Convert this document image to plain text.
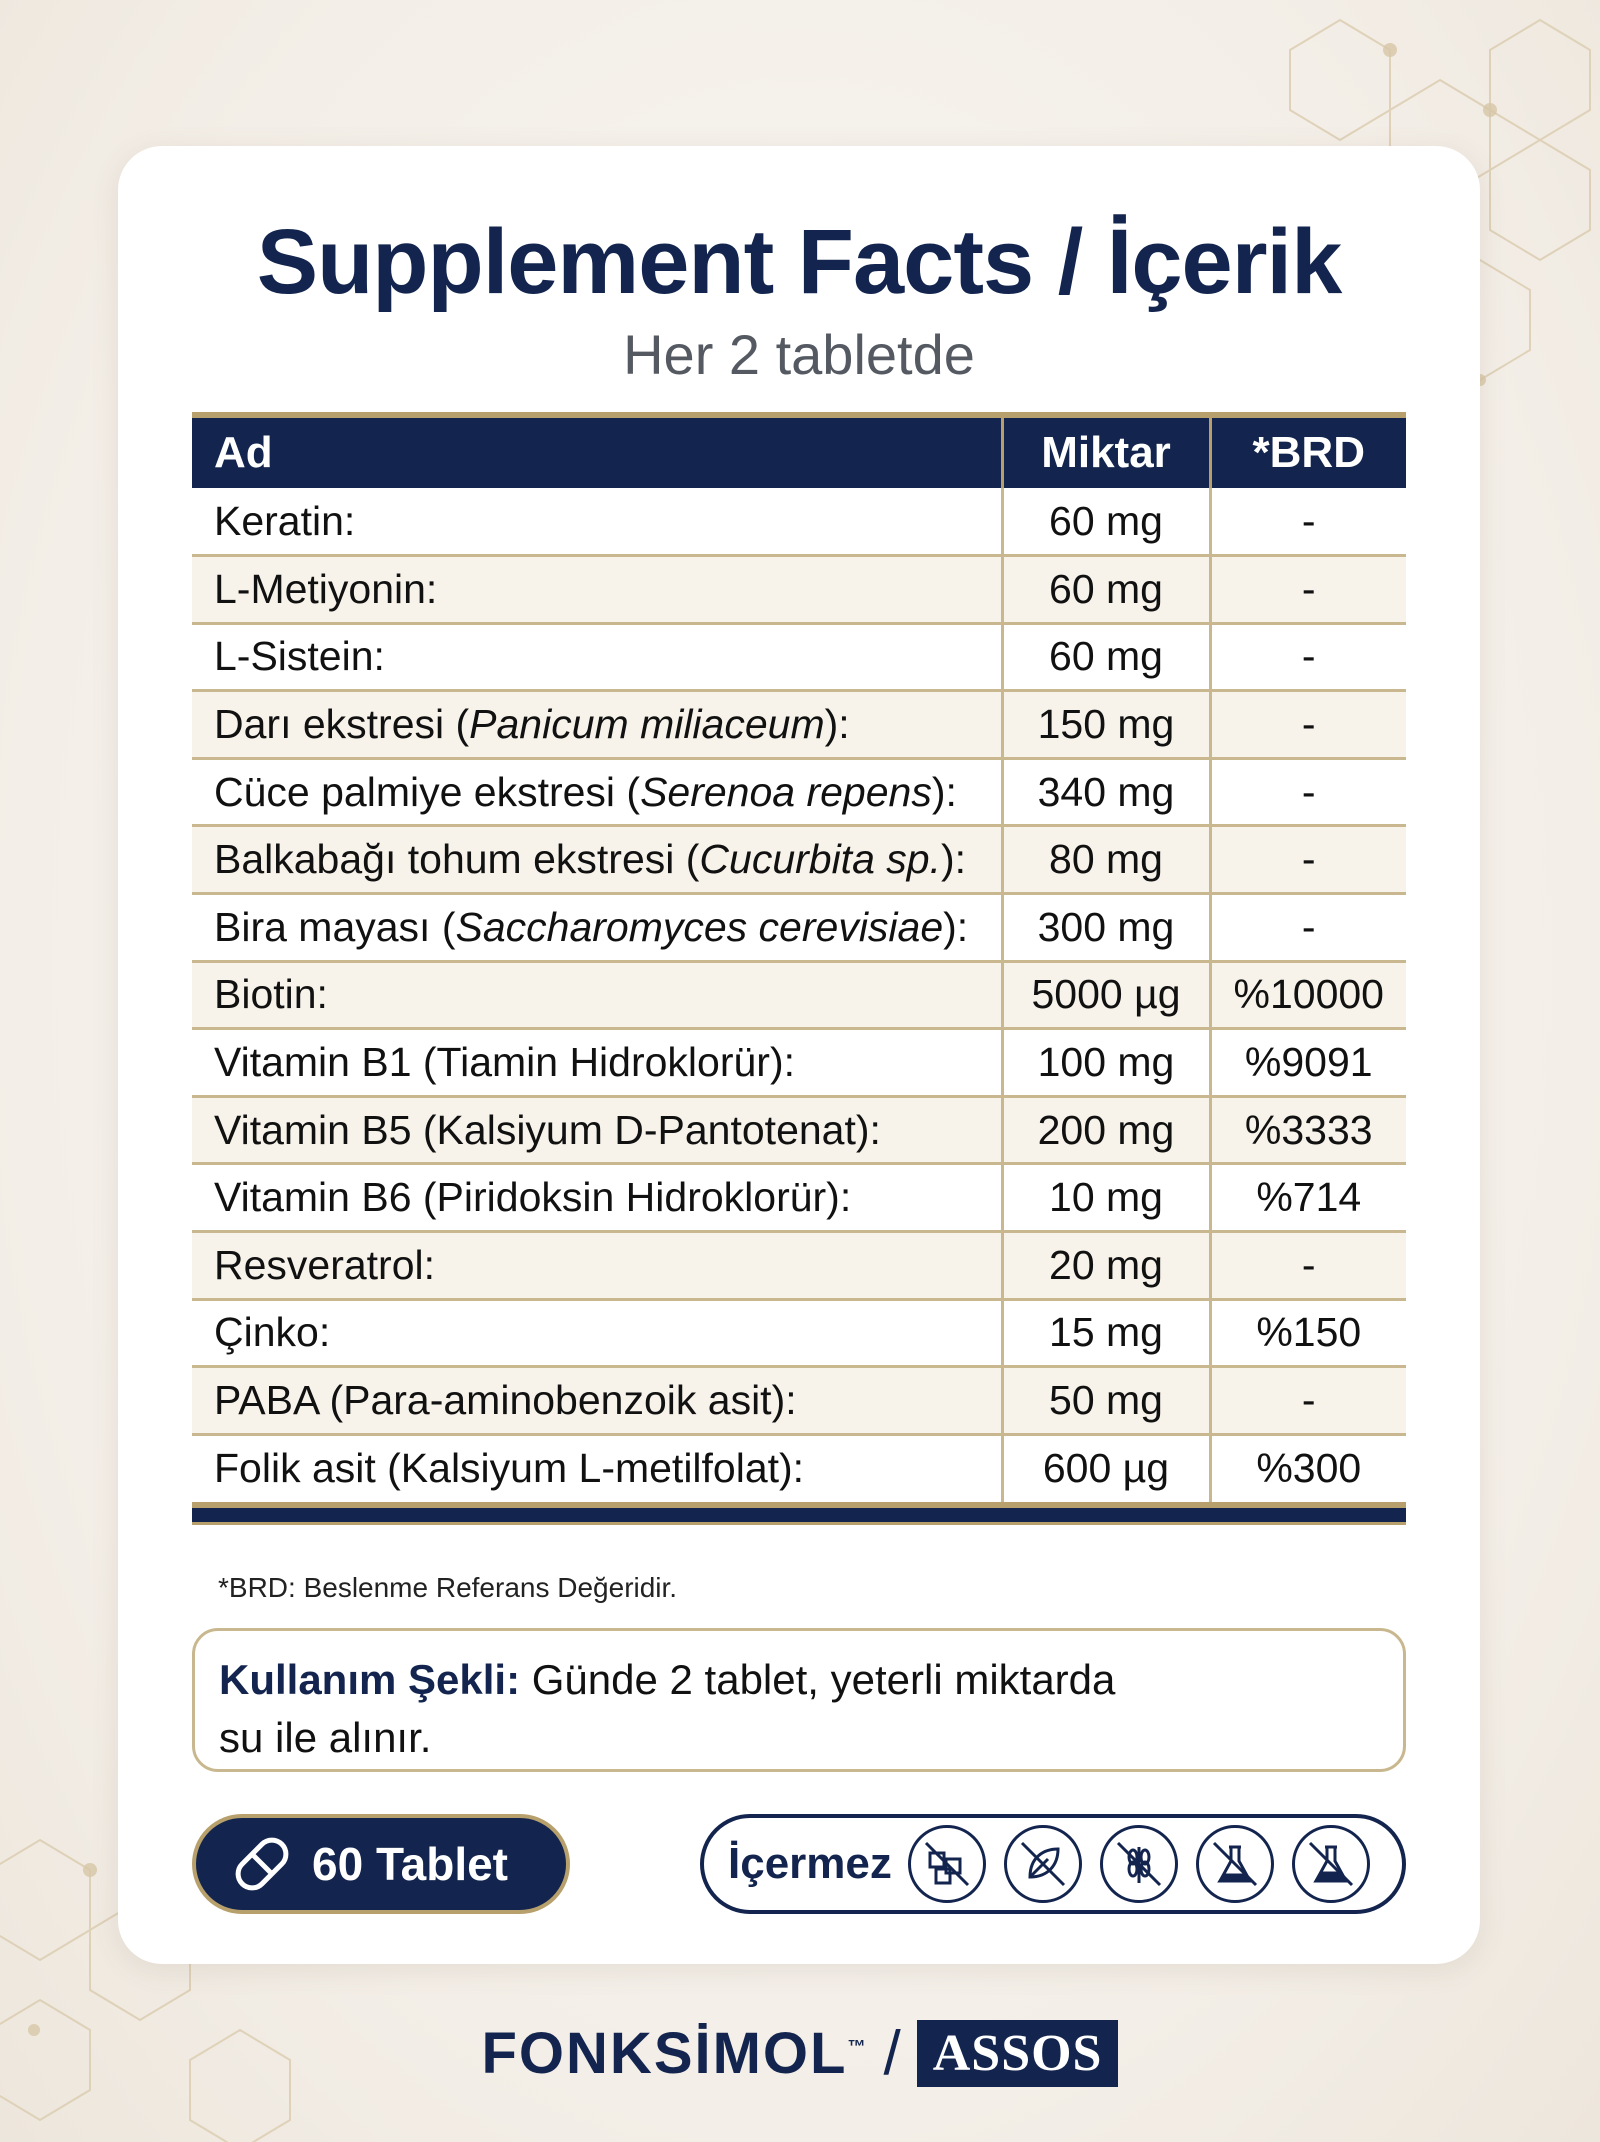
Supplement Facts / İçerik
Her 2 tabletde
Ad	Miktar	*BRD
Keratin:	60 mg	-
L-Metiyonin:	60 mg	-
L-Sistein:	60 mg	-
Darı ekstresi (Panicum miliaceum):	150 mg	-
Cüce palmiye ekstresi (Serenoa repens):	340 mg	-
Balkabağı tohum ekstresi (Cucurbita sp.):	80 mg	-
Bira mayası (Saccharomyces cerevisiae):	300 mg	-
Biotin:	5000 µg	%10000
Vitamin B1 (Tiamin Hidroklorür):	100 mg	%9091
Vitamin B5 (Kalsiyum D-Pantotenat):	200 mg	%3333
Vitamin B6 (Piridoksin Hidroklorür):	10 mg	%714
Resveratrol:	20 mg	-
Çinko:	15 mg	%150
PABA (Para-aminobenzoik asit):	50 mg	-
Folik asit (Kalsiyum L-metilfolat):	600 µg	%300
*BRD: Beslenme Referans Değeridir.
Kullanım Şekli: Günde 2 tablet, yeterli miktarda
su ile alınır.
60 Tablet	İçermez
FONKSİMOL™ / ASSOS
